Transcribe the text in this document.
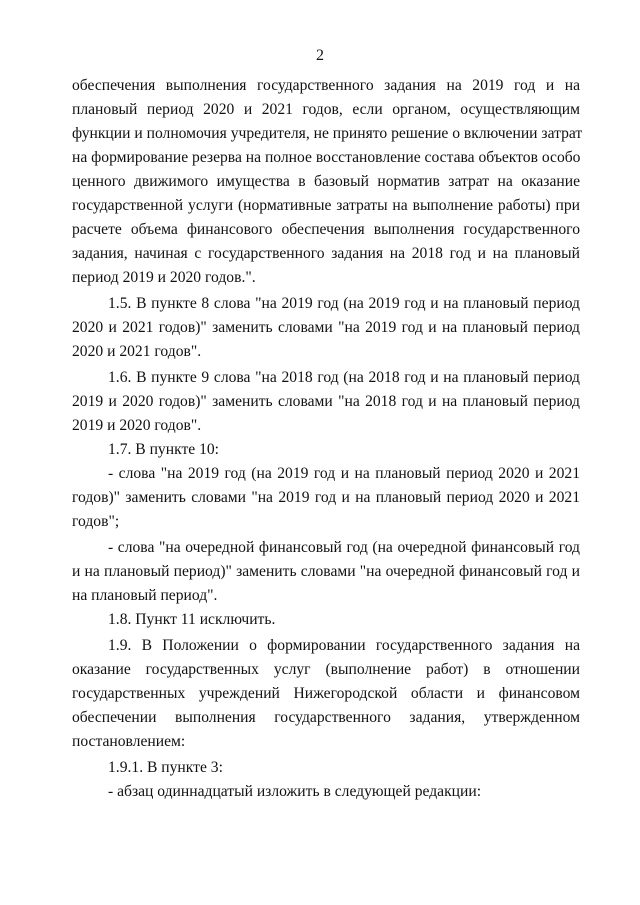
2
обеспечения выполнения государственного задания на 2019 год и на
плановый период 2020 и 2021 годов, если органом, осуществляющим
функции и полномочия учредителя, не принято решение о включении затрат
на формирование резерва на полное восстановление состава объектов особо
ценного движимого имущества в базовый норматив затрат на оказание
государственной услуги (нормативные затраты на выполнение работы) при
расчете объема финансового обеспечения выполнения государственного
задания, начиная с государственного задания на 2018 год и на плановый
период 2019 и 2020 годов.".
1.5. В пункте 8 слова "на 2019 год (на 2019 год и на плановый период
2020 и 2021 годов)" заменить словами "на 2019 год и на плановый период
2020 и 2021 годов".
1.6. В пункте 9 слова "на 2018 год (на 2018 год и на плановый период
2019 и 2020 годов)" заменить словами "на 2018 год и на плановый период
2019 и 2020 годов".
1.7. В пункте 10:
- слова "на 2019 год (на 2019 год и на плановый период 2020 и 2021
годов)" заменить словами "на 2019 год и на плановый период 2020 и 2021
годов";
- слова "на очередной финансовый год (на очередной финансовый год
и на плановый период)" заменить словами "на очередной финансовый год и
на плановый период".
1.8. Пункт 11 исключить.
1.9. В Положении о формировании государственного задания на
оказание государственных услуг (выполнение работ) в отношении
государственных учреждений Нижегородской области и финансовом
обеспечении выполнения государственного задания, утвержденном
постановлением:
1.9.1. В пункте 3:
- абзац одиннадцатый изложить в следующей редакции:
